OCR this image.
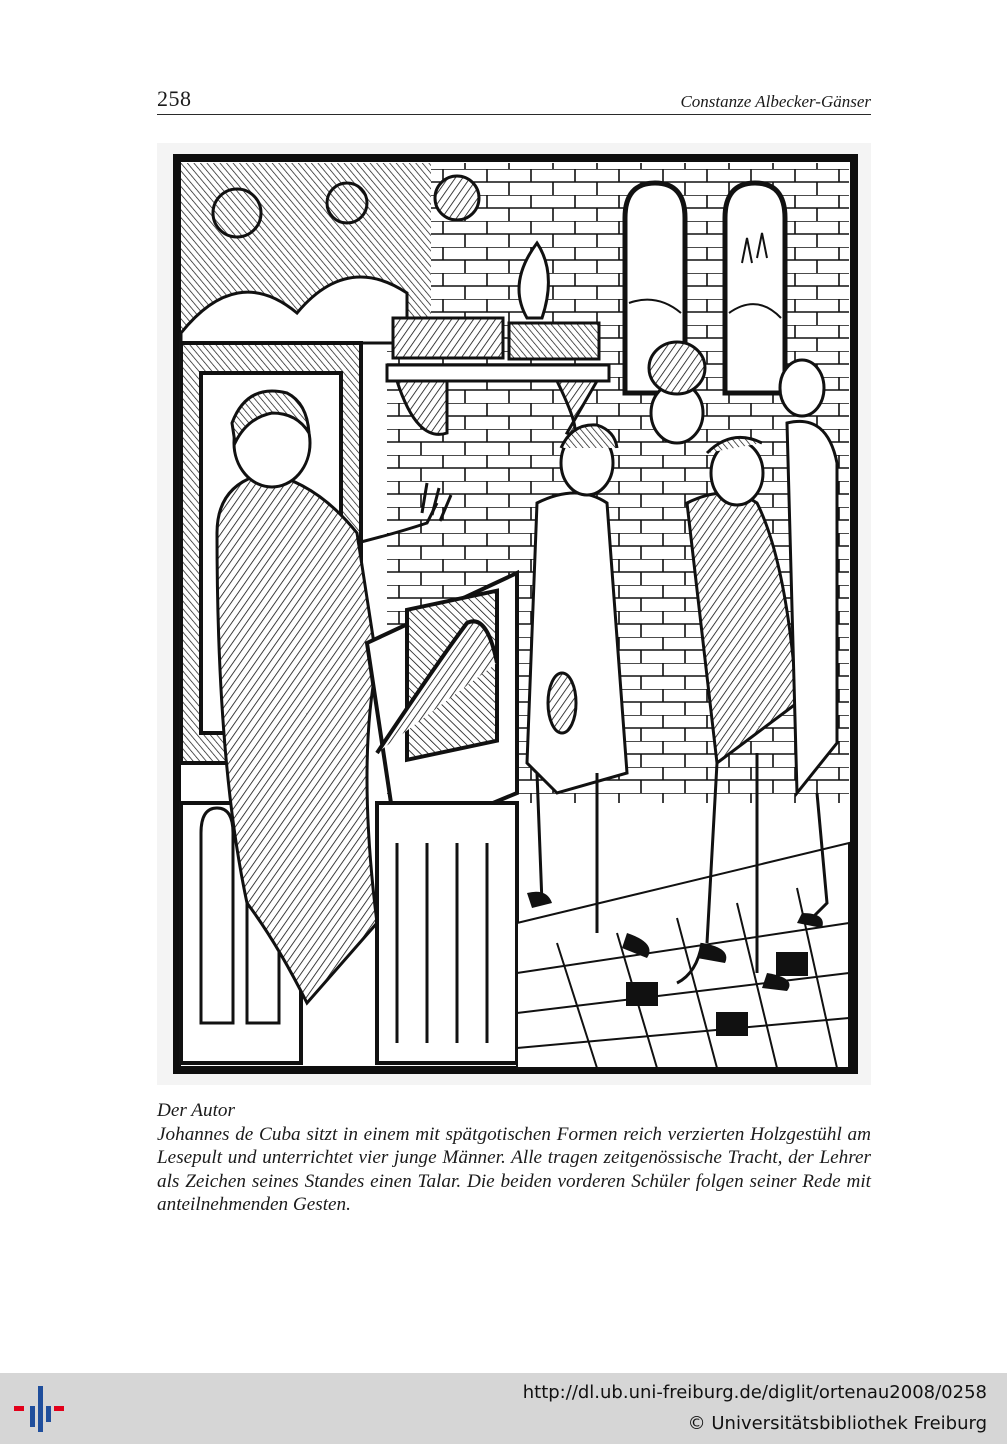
258	Constanze Albecker-Gänser
Der Autor
Johannes de Cuba sitzt in einem mit spätgotischen Formen reich verzierten Holzgestühl am Lesepult und unterrichtet vier junge Männer. Alle tragen zeitgenössische Tracht, der Lehrer als Zeichen seines Standes einen Talar. Die beiden vorderen Schüler folgen seiner Rede mit anteilnehmenden Gesten.
http://dl.ub.uni-freiburg.de/diglit/ortenau2008/0258
© Universitätsbibliothek Freiburg
